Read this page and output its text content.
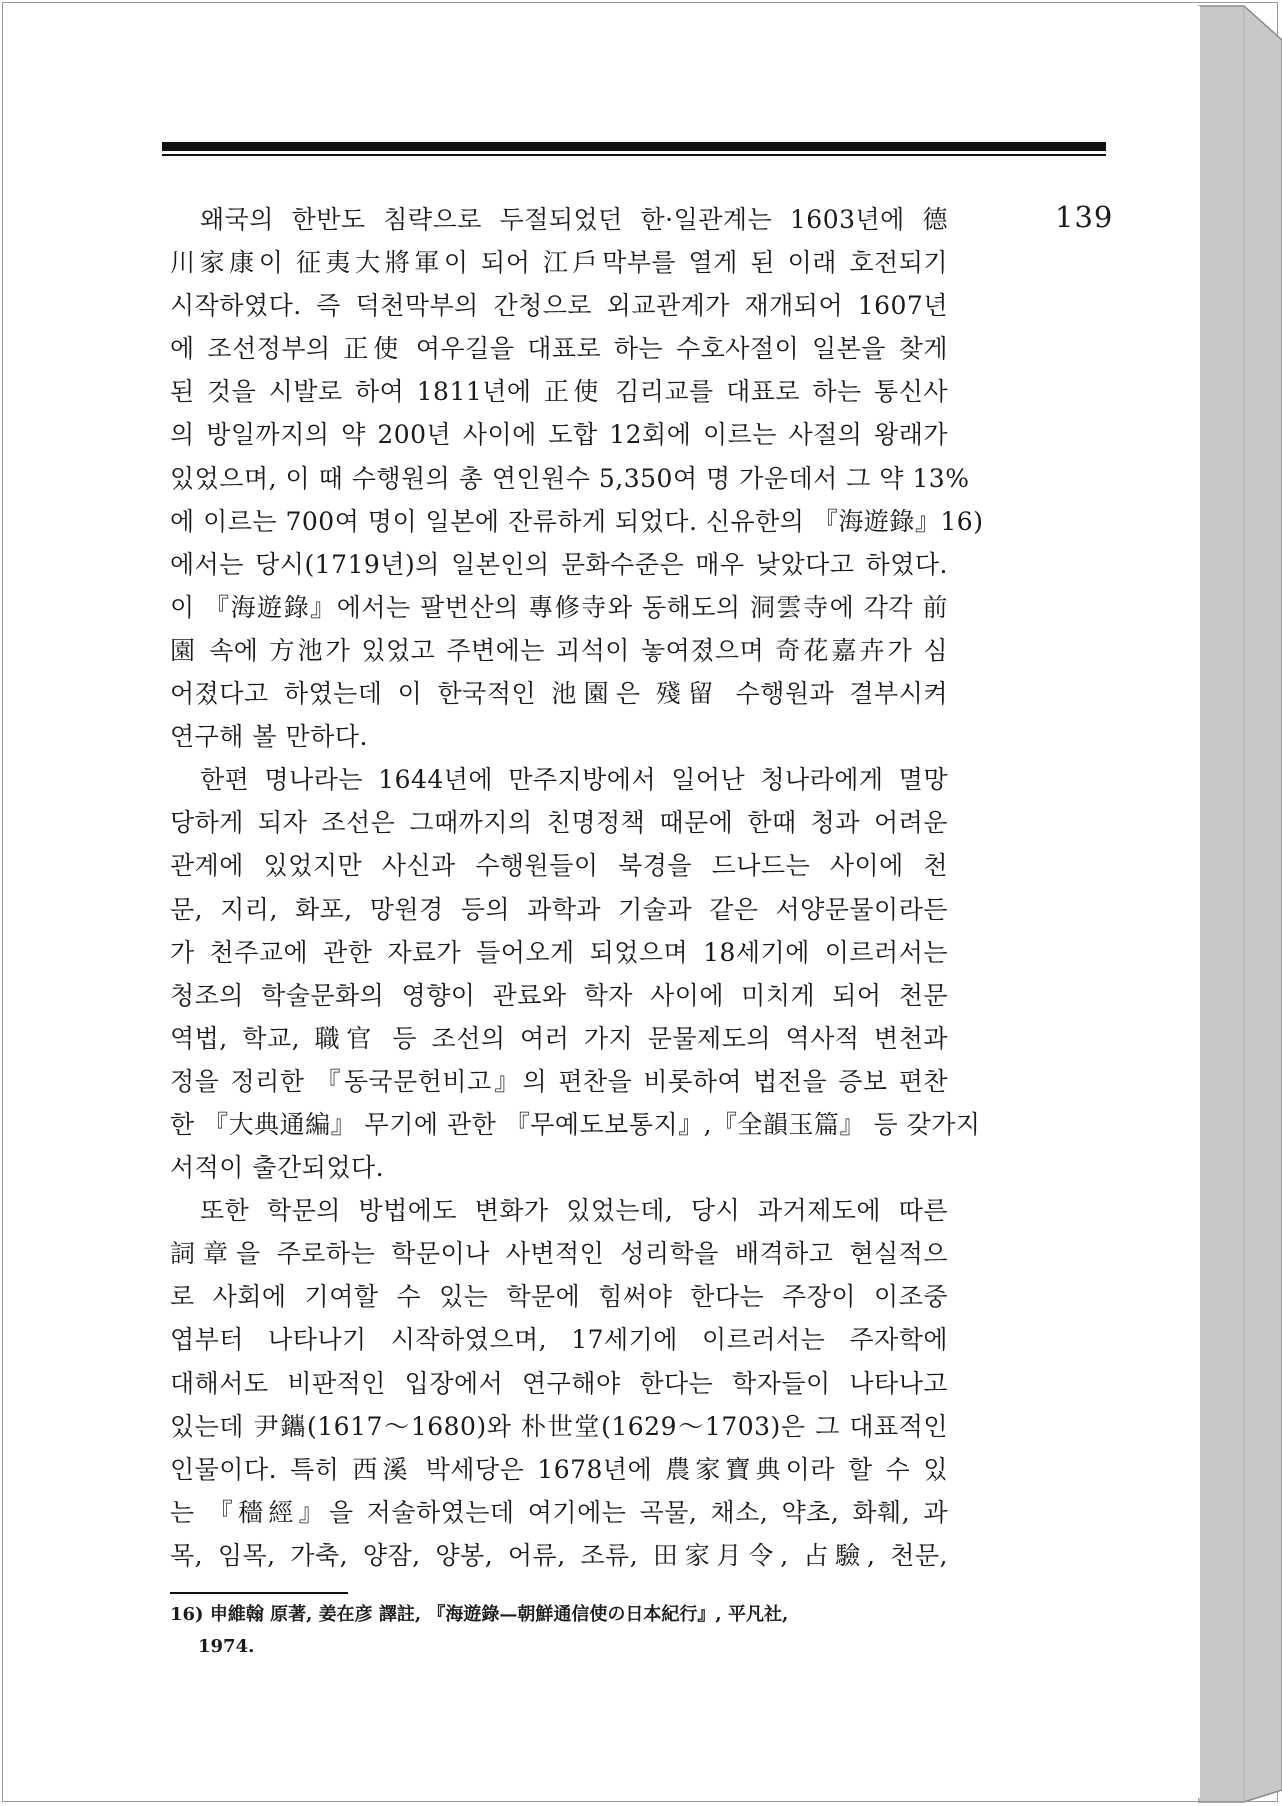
139
왜국의 한반도 침략으로 두절되었던 한·일관계는 1603년에 德
川家康이 征夷大將軍이 되어 江戶막부를 열게 된 이래 호전되기
시작하였다. 즉 덕천막부의 간청으로 외교관계가 재개되어 1607년
에 조선정부의 正使 여우길을 대표로 하는 수호사절이 일본을 찾게
된 것을 시발로 하여 1811년에 正使 김리교를 대표로 하는 통신사
의 방일까지의 약 200년 사이에 도합 12회에 이르는 사절의 왕래가
있었으며, 이 때 수행원의 총 연인원수 5,350여 명 가운데서 그 약 13%
에 이르는 700여 명이 일본에 잔류하게 되었다. 신유한의 『海遊錄』16)
에서는 당시(1719년)의 일본인의 문화수준은 매우 낮았다고 하였다.
이 『海遊錄』에서는 팔번산의 專修寺와 동해도의 洞雲寺에 각각 前
園 속에 方池가 있었고 주변에는 괴석이 놓여졌으며 奇花嘉卉가 심
어졌다고 하였는데 이 한국적인 池園은 殘留 수행원과 결부시켜
연구해 볼 만하다.
한편 명나라는 1644년에 만주지방에서 일어난 청나라에게 멸망
당하게 되자 조선은 그때까지의 친명정책 때문에 한때 청과 어려운
관계에 있었지만 사신과 수행원들이 북경을 드나드는 사이에 천
문, 지리, 화포, 망원경 등의 과학과 기술과 같은 서양문물이라든
가 천주교에 관한 자료가 들어오게 되었으며 18세기에 이르러서는
청조의 학술문화의 영향이 관료와 학자 사이에 미치게 되어 천문
역법, 학교, 職官 등 조선의 여러 가지 문물제도의 역사적 변천과
정을 정리한 『동국문헌비고』의 편찬을 비롯하여 법전을 증보 편찬
한 『大典通編』 무기에 관한 『무예도보통지』,『全韻玉篇』 등 갖가지
서적이 출간되었다.
또한 학문의 방법에도 변화가 있었는데, 당시 과거제도에 따른
詞章을 주로하는 학문이나 사변적인 성리학을 배격하고 현실적으
로 사회에 기여할 수 있는 학문에 힘써야 한다는 주장이 이조중
엽부터 나타나기 시작하였으며, 17세기에 이르러서는 주자학에
대해서도 비판적인 입장에서 연구해야 한다는 학자들이 나타나고
있는데 尹鑴(1617～1680)와 朴世堂(1629～1703)은 그 대표적인
인물이다. 특히 西溪 박세당은 1678년에 農家寶典이라 할 수 있
는 『穡經』을 저술하였는데 여기에는 곡물, 채소, 약초, 화훼, 과
목, 임목, 가축, 양잠, 양봉, 어류, 조류, 田家月令, 占驗, 천문,
16) 申維翰 原著, 姜在彦 譯註, 『海遊錄—朝鮮通信使の日本紀行』, 平凡社,
1974.
